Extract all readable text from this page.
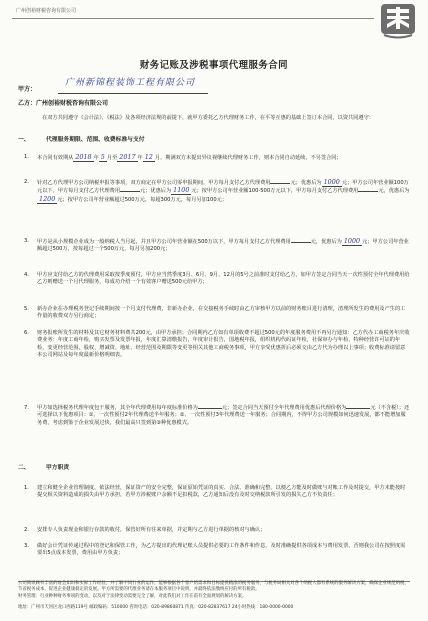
广州创裕财税咨询有限公司
财务记账及涉税事项代理服务合同
甲方：
广州新锦程装饰工程有限公司
乙方：广州创裕财税咨询有限公司
在双方共同遵守《会计法》、《税法》及各项经济法规的前提下，就甲方委托乙方代理财务工作，在平等互惠的基础上签订本合同，以资共同遵守：
一、	代理服务期限、范围、收费标准与支付
1.	本合同有效期从 2018 年 5 月至 2017 年 12 月，期满双方未提出异议视继续代理财务工作，则本合同自动延续，不另签合同；
2.	针对乙方代理甲方公司纳税申报等事项，双方商定在甲方公司零申报期间，甲方每月支付乙方代理费用	元；优惠后为 1000 元；甲方公司年营业额100万元以下，甲方每月支付乙方代理费用	元；优惠后为 1100 元；按甲方公司年营业额100-500万元以下，甲方每月支付乙方代理费用	元，优惠后为1200 元；按甲方公司年营业额超过500万元，每超300万元，每月另加100元；
3.	甲方是从小规模企业成为一般纳税人当月起，并且甲方公司年营业额在500万以下，甲方每月支付乙方代理费用	元，优惠后为 1000 元；甲方公司年营业额超过500万，按每超过一个500万元，每月另加200元；
4.	甲方应支付给乙方的代理费用采取按季度预付，甲方应当然季度3月、6月、9月、12月的5号之前准时支付给乙方，如甲方签定合同当天一次性预付全年代理费用给乙方则赠送一个月代理服务，每成功介绍一个有效客户赠送500元给甲方；
5.	新办企业在办理税务登记手续期间按一个月支付代理费，非新办企业，在交接税务手续时由乙方审核甲方以前的财务账目进行清理，清理所发生的费用及产生的工作量的收费双方另行商定；
6.	财务报账所发生的材料及其它财务材料费共200元，由甲方承担；合同期内乙方如有单项收费不超过500元的年度服务费用不再另行通知：乙方代办工商税务年庆收费业务：年度工商年检，购买发票及发票年报，年度汇算清缴报告，年度审计报告，国地税年报，组织机构代码证年检，社保审办与年检，特种经营许可证的年检，变更经营范围，股权、增减资、地址、经营范围及期限等变更等相关其他工商税务事项，甲方享受优惠折后必须交由乙方代为办理以上事项；收费标准请留意本公司网站及每年度最新价格明细表。
7.	甲方如选择税务代理年度包干服务，其全年代理费用每年度标准价格为	元；签定合同当天预付全年代理费用优惠后代理价格为	元（不含税）；还可选择以下优惠项目：①、一次性预付2年代理费送半年服务；②、一次性预付3年代理费送一年服务；合同期内，不得甲方公司规模如何迅速发展，都不能增加服务费，考虑到鉴于企业发展过快，我们最高只签到第③种优惠模式。
二、	甲方职责
1.	建立和健全企业管理制度，依法经营，保证资产的安全完整，保证原始凭证的真实、合法、准确和完整。以便乙方能及时做账与对帐工作及时提交，甲方未能按时提交相关资料造成的损失由甲方承担，若甲方涉税账户余额不足扣税款，乙方通知后没有及时交纳税款所引发的损失乙方不负责任；
2.	安排专人负责现金和银行存款的收付，保管好所有往来单据，并定期与乙方进行单据的核对与确认；
3.	做好会计凭证传递过程中的登记和保管工作，为乙方提出的代理记账人员提供必要的工作条件和作息，及时准确提供各项成本与费用发票，否则我公司在按照度需要出5点成本发票，费用由甲方负责；
公司简讯顾有丰富的财会知识和实际工作经验，并了解不同行业的运作，能够根据各个客户的需求和目标提供精准的税务服务，与税务局相关对各个纳税人都有系统的服务解决方案，确保企业规范纳税，节省税务成本，促进企业健康稳定的发展。甲方所需要的代理业务请在本服务项目中说明，并最终依法缴纳应付的所有税款。
财务管理：行业种种财务事项的变动，以及对于法律变动需要完全了解，对此我们对工作在前有全面规划的解决方案。
地址：广州市天河区龙口西路119号 邮政编码：510000 咨询电话：020-89860871 传真：020-82837617 24小时热线：180-0000-0000
